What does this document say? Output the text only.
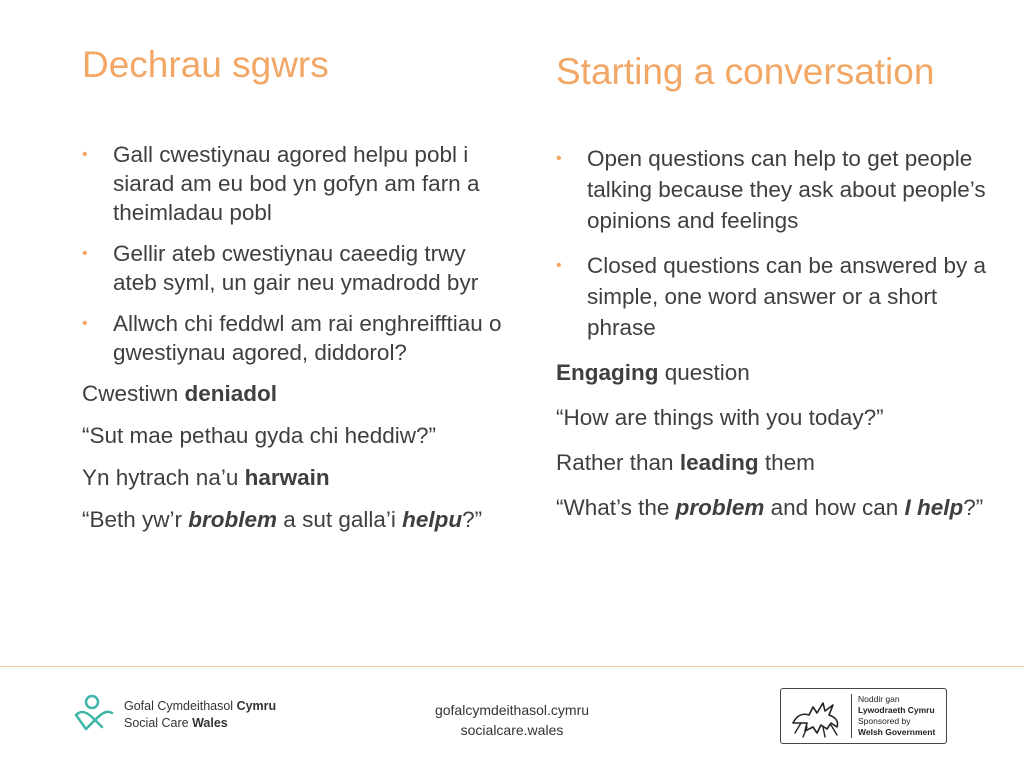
Dechrau sgwrs	Starting a conversation
• Gall cwestiynau agored helpu pobl i siarad am eu bod yn gofyn am farn a theimladau pobl
• Gellir ateb cwestiynau caeedig trwy ateb syml, un gair neu ymadrodd byr
• Allwch chi feddwl am rai enghreifftiau o gwestiynau agored, diddorol?

Cwestiwn deniadol

“Sut mae pethau gyda chi heddiw?”

Yn hytrach na’u harwain

“Beth yw’r broblem a sut galla’i helpu?”

• Open questions can help to get people talking because they ask about people’s opinions and feelings
• Closed questions can be answered by a simple, one word answer or a short phrase

Engaging question

“How are things with you today?”

Rather than leading them

“What’s the problem and how can I help?”

Gofal Cymdeithasol Cymru
Social Care Wales
gofalcymdeithasol.cymru
socialcare.wales
Noddir gan
Lywodraeth Cymru
Sponsored by
Welsh Government
